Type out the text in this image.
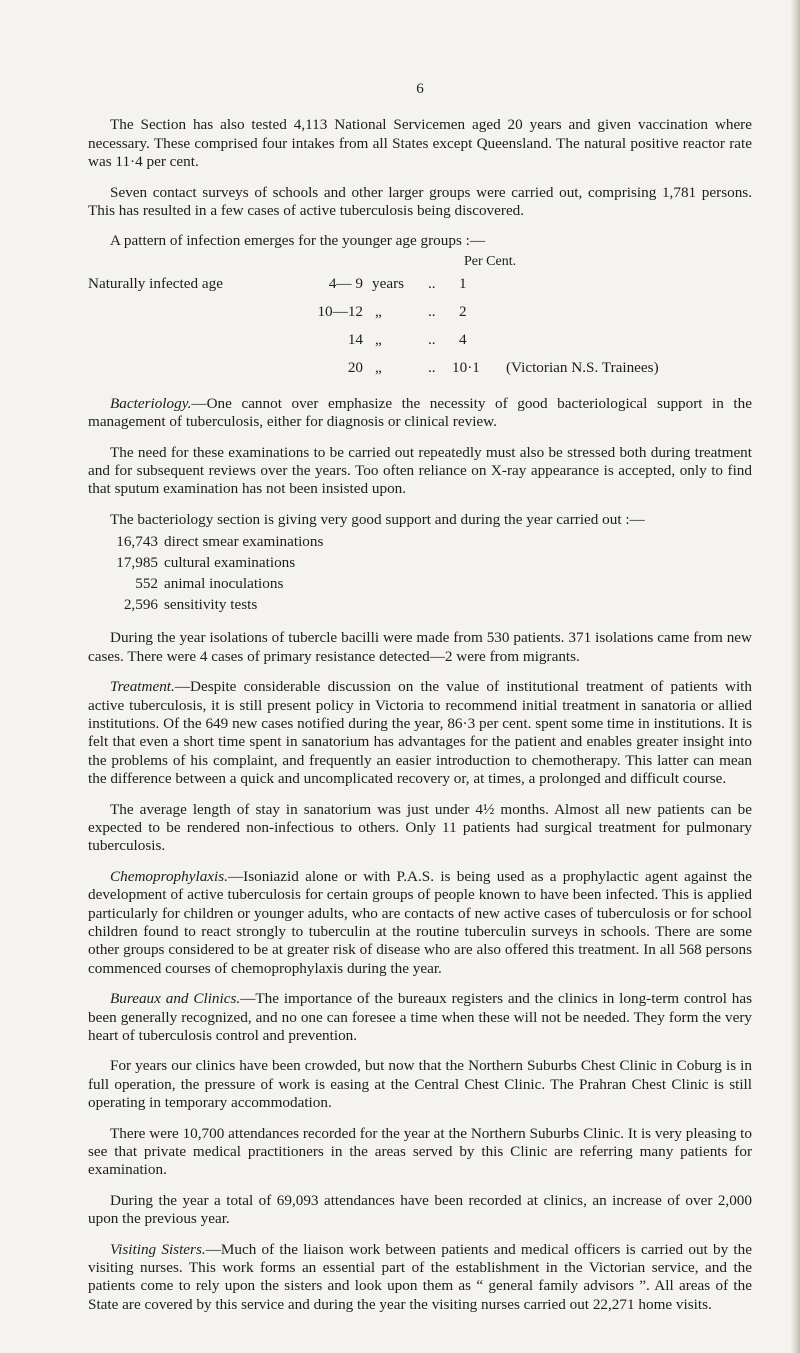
6

The Section has also tested 4,113 National Servicemen aged 20 years and given vaccination where necessary. These comprised four intakes from all States except Queensland. The natural positive reactor rate was 11·4 per cent.

Seven contact surveys of schools and other larger groups were carried out, comprising 1,781 persons. This has resulted in a few cases of active tuberculosis being discovered.

A pattern of infection emerges for the younger age groups :—

Per Cent.
Naturally infected age	4— 9 years .. 1
10—12 „	.. 2
14 „	.. 4
20 „	.. 10·1 (Victorian N.S. Trainees)

Bacteriology.—One cannot over emphasize the necessity of good bacteriological support in the management of tuberculosis, either for diagnosis or clinical review.

The need for these examinations to be carried out repeatedly must also be stressed both during treatment and for subsequent reviews over the years. Too often reliance on X-ray appearance is accepted, only to find that sputum examination has not been insisted upon.

The bacteriology section is giving very good support and during the year carried out :—

16,743 direct smear examinations
17,985 cultural examinations
552 animal inoculations
2,596 sensitivity tests

During the year isolations of tubercle bacilli were made from 530 patients. 371 isolations came from new cases. There were 4 cases of primary resistance detected—2 were from migrants.

Treatment.—Despite considerable discussion on the value of institutional treatment of patients with active tuberculosis, it is still present policy in Victoria to recommend initial treatment in sanatoria or allied institutions. Of the 649 new cases notified during the year, 86·3 per cent. spent some time in institutions. It is felt that even a short time spent in sanatorium has advantages for the patient and enables greater insight into the problems of his complaint, and frequently an easier introduction to chemotherapy. This latter can mean the difference between a quick and uncomplicated recovery or, at times, a prolonged and difficult course.

The average length of stay in sanatorium was just under 4½ months. Almost all new patients can be expected to be rendered non-infectious to others. Only 11 patients had surgical treatment for pulmonary tuberculosis.

Chemoprophylaxis.—Isoniazid alone or with P.A.S. is being used as a prophylactic agent against the development of active tuberculosis for certain groups of people known to have been infected. This is applied particularly for children or younger adults, who are contacts of new active cases of tuberculosis or for school children found to react strongly to tuberculin at the routine tuberculin surveys in schools. There are some other groups considered to be at greater risk of disease who are also offered this treatment. In all 568 persons commenced courses of chemoprophylaxis during the year.

Bureaux and Clinics.—The importance of the bureaux registers and the clinics in long-term control has been generally recognized, and no one can foresee a time when these will not be needed. They form the very heart of tuberculosis control and prevention.

For years our clinics have been crowded, but now that the Northern Suburbs Chest Clinic in Coburg is in full operation, the pressure of work is easing at the Central Chest Clinic. The Prahran Chest Clinic is still operating in temporary accommodation.

There were 10,700 attendances recorded for the year at the Northern Suburbs Clinic. It is very pleasing to see that private medical practitioners in the areas served by this Clinic are referring many patients for examination.

During the year a total of 69,093 attendances have been recorded at clinics, an increase of over 2,000 upon the previous year.

Visiting Sisters.—Much of the liaison work between patients and medical officers is carried out by the visiting nurses. This work forms an essential part of the establishment in the Victorian service, and the patients come to rely upon the sisters and look upon them as “ general family advisors ”. All areas of the State are covered by this service and during the year the visiting nurses carried out 22,271 home visits.
